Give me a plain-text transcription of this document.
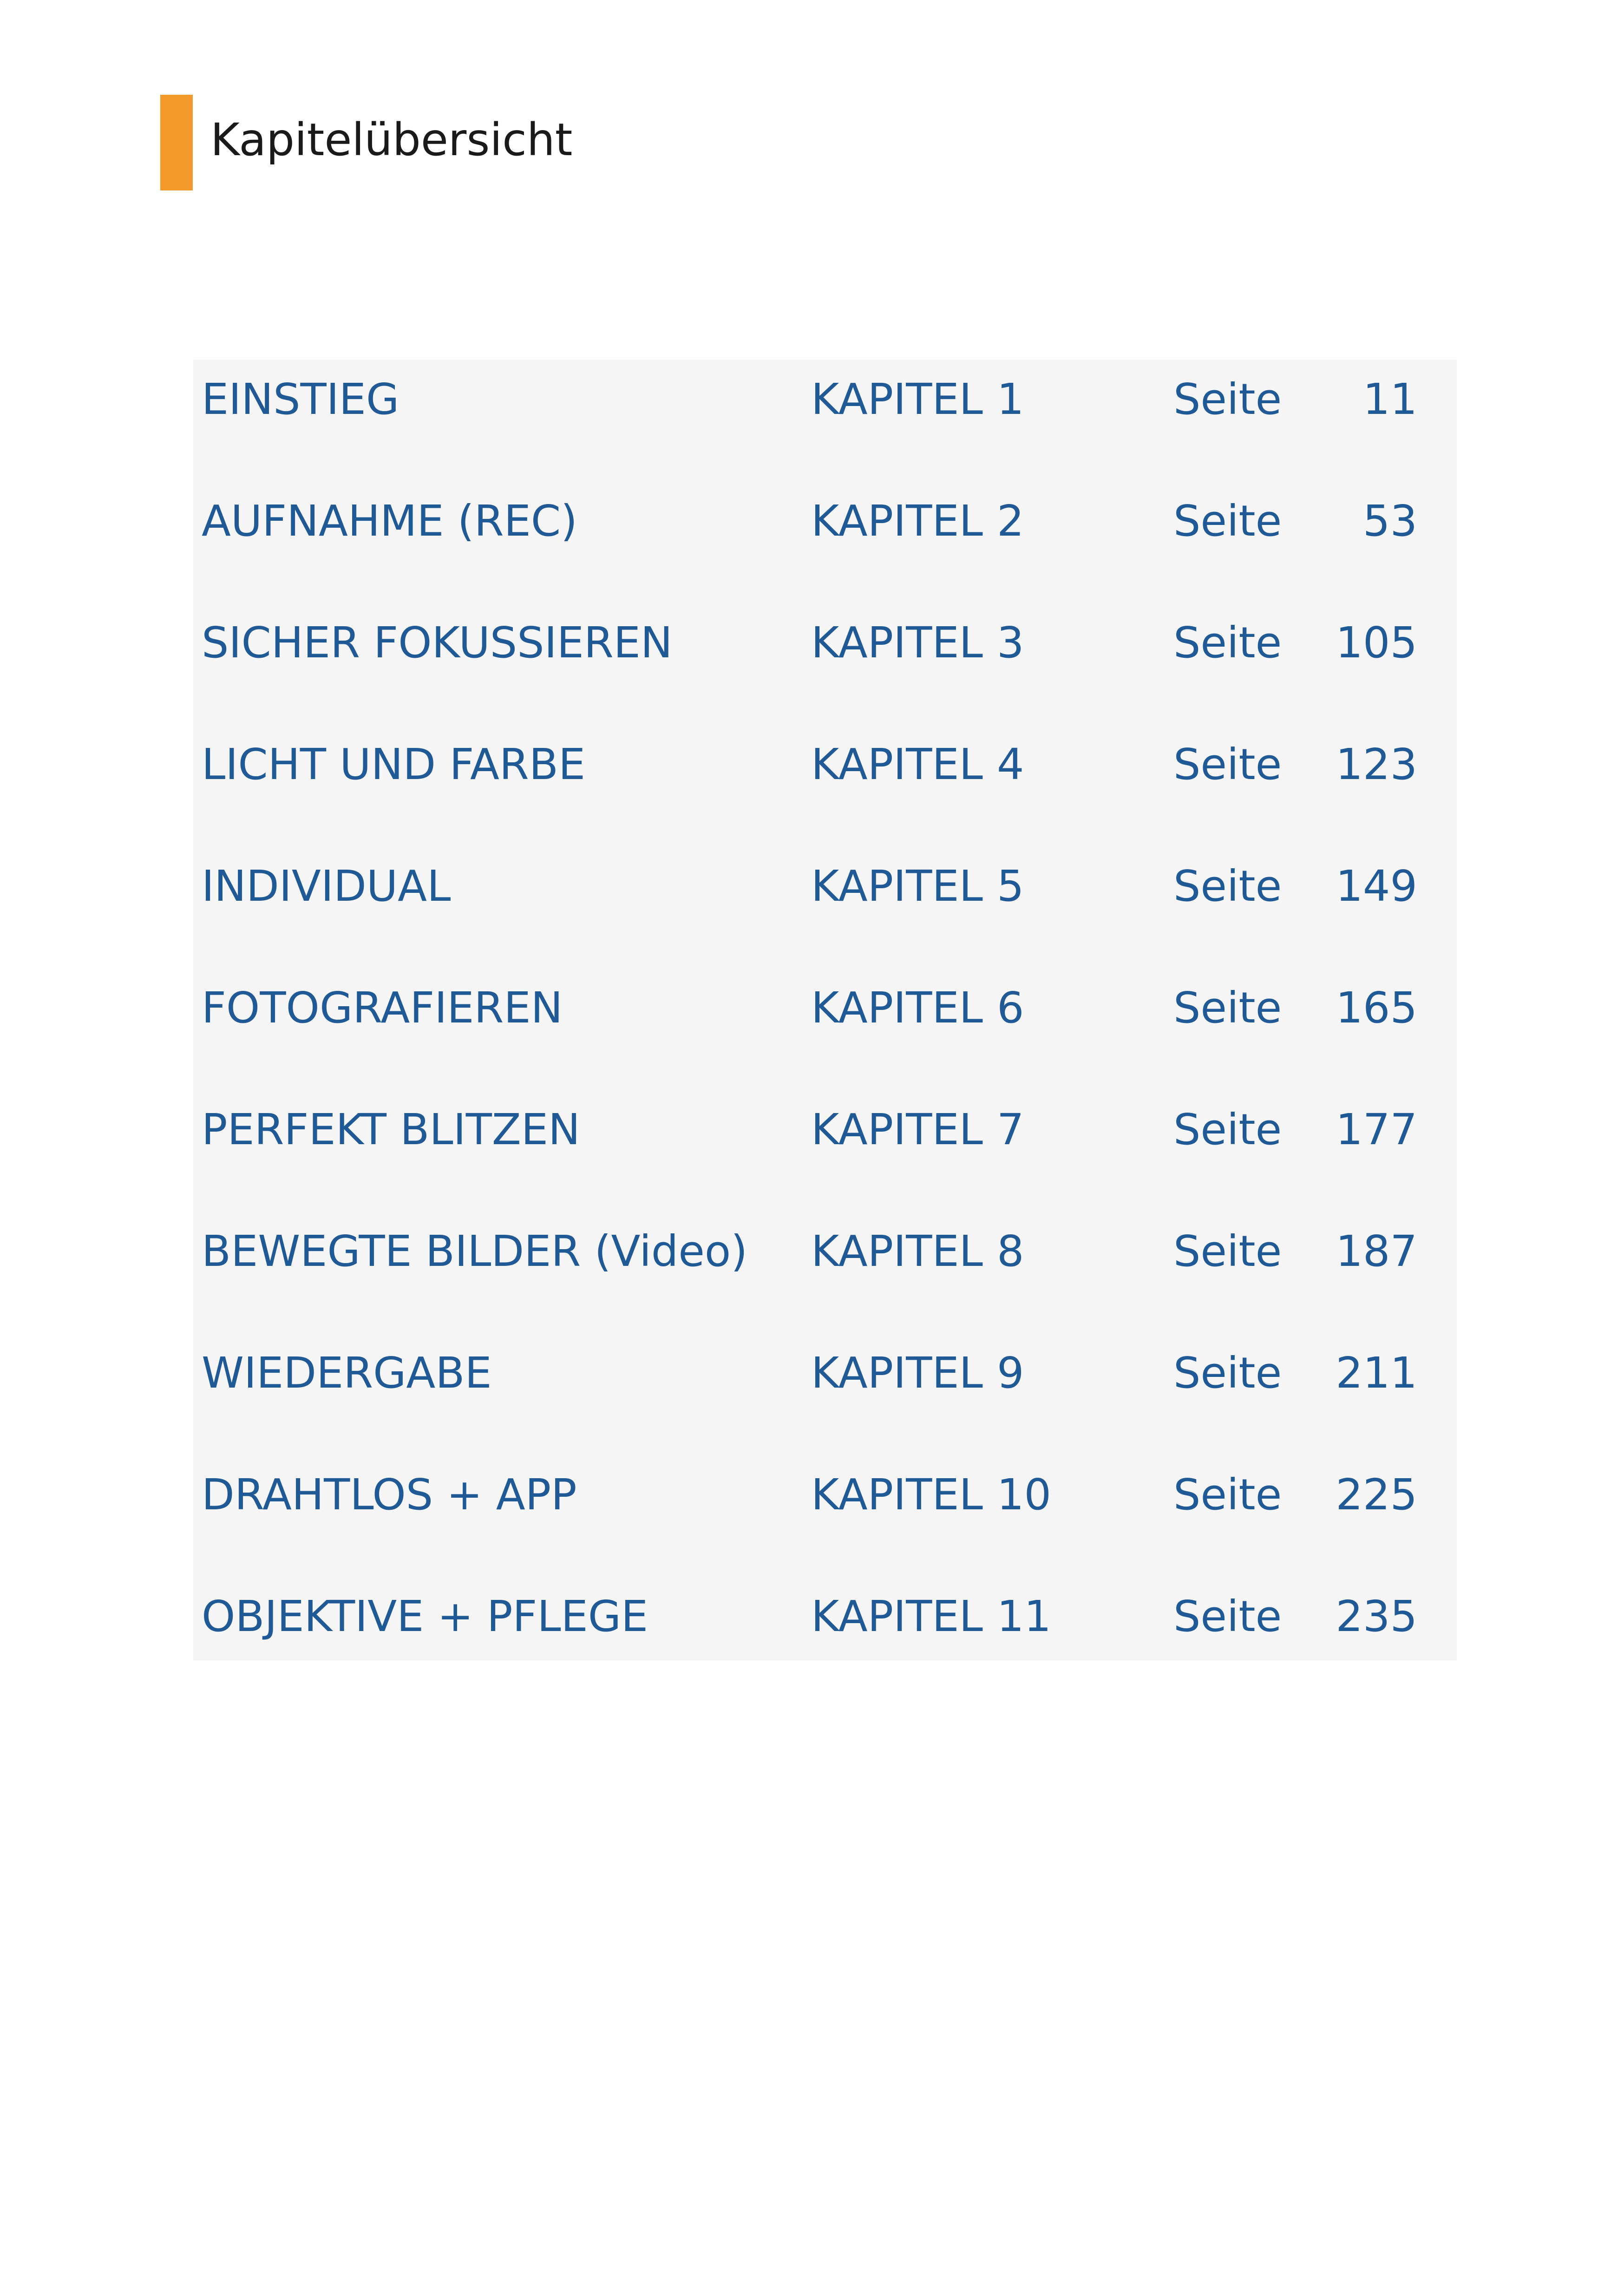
Kapitelübersicht
EINSTIEG	KAPITEL 1	Seite	11
AUFNAHME (REC)	KAPITEL 2	Seite	53
SICHER FOKUSSIEREN	KAPITEL 3	Seite	105
LICHT UND FARBE	KAPITEL 4	Seite	123
INDIVIDUAL	KAPITEL 5	Seite	149
FOTOGRAFIEREN	KAPITEL 6	Seite	165
PERFEKT BLITZEN	KAPITEL 7	Seite	177
BEWEGTE BILDER (Video) KAPITEL 8	Seite	187
WIEDERGABE	KAPITEL 9	Seite	211
DRAHTLOS + APP	KAPITEL 10	Seite	225
OBJEKTIVE + PFLEGE	KAPITEL 11	Seite	235
